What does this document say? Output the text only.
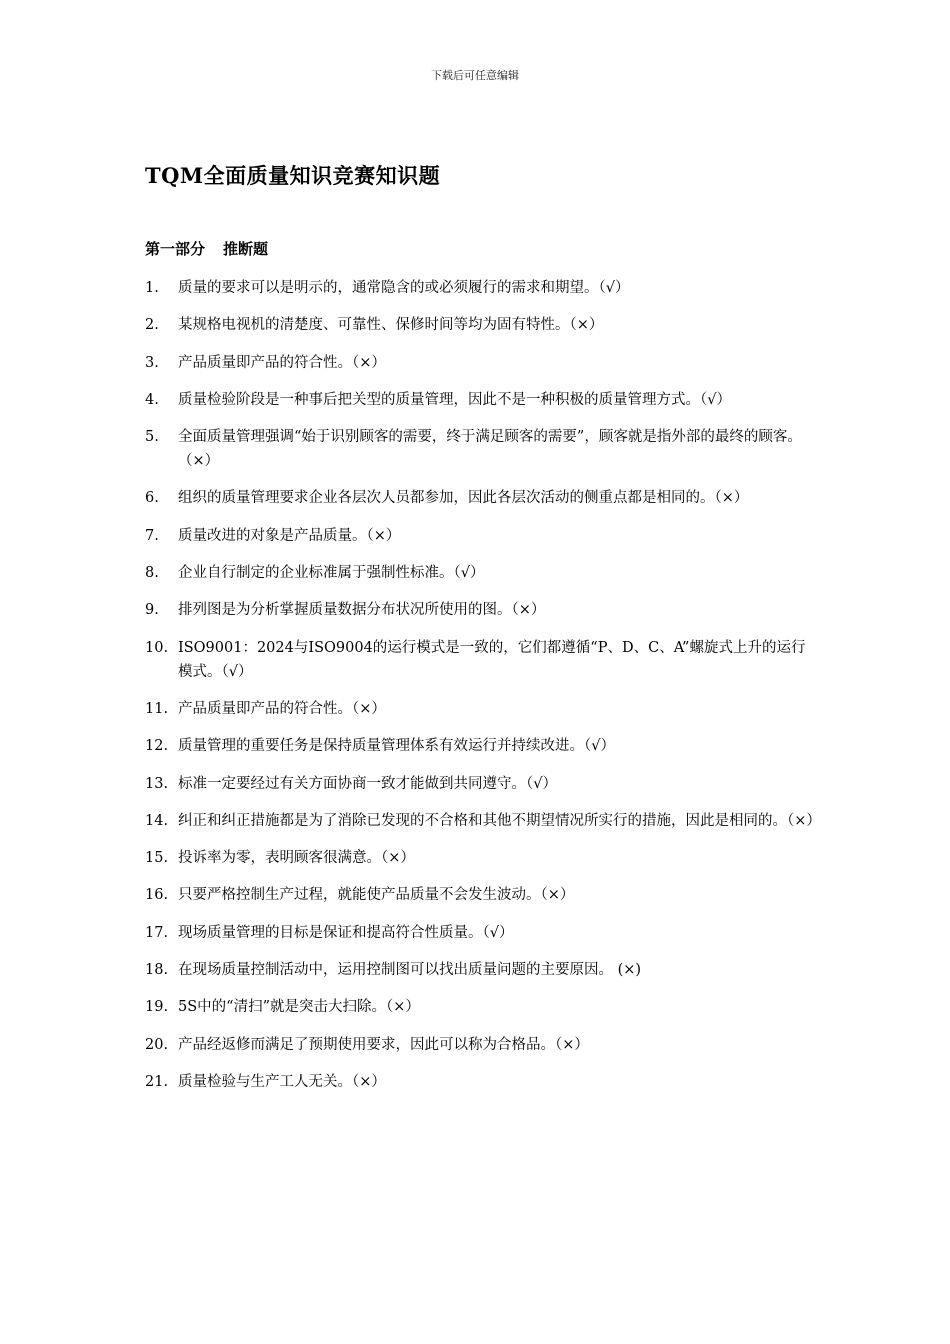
下载后可任意编辑
TQM全面质量知识竞赛知识题
第一部分 推断题
1.	质量的要求可以是明示的，通常隐含的或必须履行的需求和期望。（√）
2.	某规格电视机的清楚度、可靠性、保修时间等均为固有特性。（×）
3.	产品质量即产品的符合性。（×）
4.	质量检验阶段是一种事后把关型的质量管理，因此不是一种积极的质量管理方式。（√）
5.	全面质量管理强调“始于识别顾客的需要，终于满足顾客的需要”，顾客就是指外部的最终的顾客。（×）
6.	组织的质量管理要求企业各层次人员都参加，因此各层次活动的侧重点都是相同的。（×）
7.	质量改进的对象是产品质量。（×）
8.	企业自行制定的企业标准属于强制性标准。（√）
9.	排列图是为分析掌握质量数据分布状况所使用的图。（×）
10. ISO9001：2024与ISO9004的运行模式是一致的，它们都遵循“P、D、C、A”螺旋式上升的运行模式。（√）
11. 产品质量即产品的符合性。（×）
12. 质量管理的重要任务是保持质量管理体系有效运行并持续改进。（√）
13. 标准一定要经过有关方面协商一致才能做到共同遵守。（√）
14. 纠正和纠正措施都是为了消除已发现的不合格和其他不期望情况所实行的措施，因此是相同的。（×）
15. 投诉率为零，表明顾客很满意。（×）
16. 只要严格控制生产过程，就能使产品质量不会发生波动。（×）
17. 现场质量管理的目标是保证和提高符合性质量。（√）
18. 在现场质量控制活动中，运用控制图可以找出质量问题的主要原因。 (×)
19. 5S中的“清扫”就是突击大扫除。（×）
20. 产品经返修而满足了预期使用要求，因此可以称为合格品。（×）
21. 质量检验与生产工人无关。（×）
